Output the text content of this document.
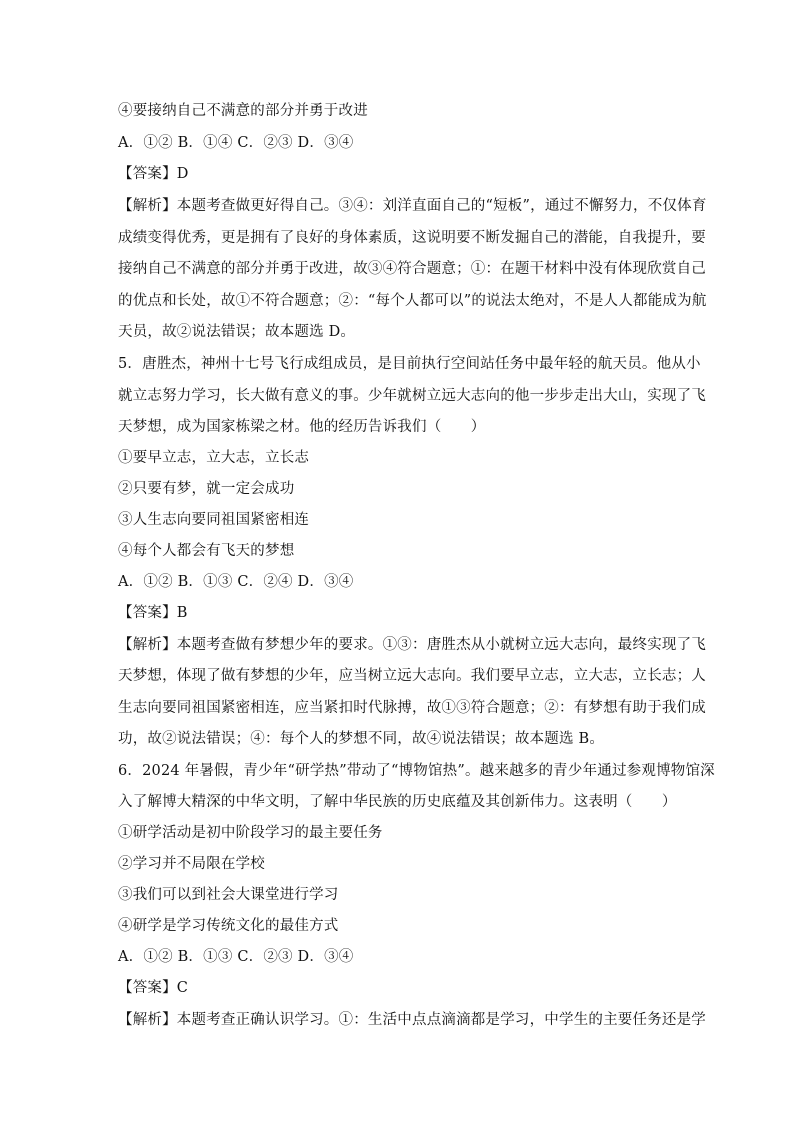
④要接纳自己不满意的部分并勇于改进
A．①② B．①④ C．②③ D．③④
【答案】D
【解析】本题考查做更好得自己。③④：刘洋直面自己的“短板”，通过不懈努力，不仅体育
成绩变得优秀，更是拥有了良好的身体素质，这说明要不断发掘自己的潜能，自我提升，要
接纳自己不满意的部分并勇于改进，故③④符合题意；①：在题干材料中没有体现欣赏自己
的优点和长处，故①不符合题意；②：“每个人都可以”的说法太绝对，不是人人都能成为航
天员，故②说法错误；故本题选 D。
5．唐胜杰，神州十七号飞行成组成员，是目前执行空间站任务中最年轻的航天员。他从小
就立志努力学习，长大做有意义的事。少年就树立远大志向的他一步步走出大山，实现了飞
天梦想，成为国家栋梁之材。他的经历告诉我们（　　）
①要早立志，立大志，立长志
②只要有梦，就一定会成功
③人生志向要同祖国紧密相连
④每个人都会有飞天的梦想
A．①② B．①③ C．②④ D．③④
【答案】B
【解析】本题考查做有梦想少年的要求。①③：唐胜杰从小就树立远大志向，最终实现了飞
天梦想，体现了做有梦想的少年，应当树立远大志向。我们要早立志，立大志，立长志；人
生志向要同祖国紧密相连，应当紧扣时代脉搏，故①③符合题意；②：有梦想有助于我们成
功，故②说法错误；④：每个人的梦想不同，故④说法错误；故本题选 B。
6．2024 年暑假，青少年“研学热”带动了“博物馆热”。越来越多的青少年通过参观博物馆深
入了解博大精深的中华文明，了解中华民族的历史底蕴及其创新伟力。这表明（　　）
①研学活动是初中阶段学习的最主要任务
②学习并不局限在学校
③我们可以到社会大课堂进行学习
④研学是学习传统文化的最佳方式
A．①② B．①③ C．②③ D．③④
【答案】C
【解析】本题考查正确认识学习。①：生活中点点滴滴都是学习，中学生的主要任务还是学
